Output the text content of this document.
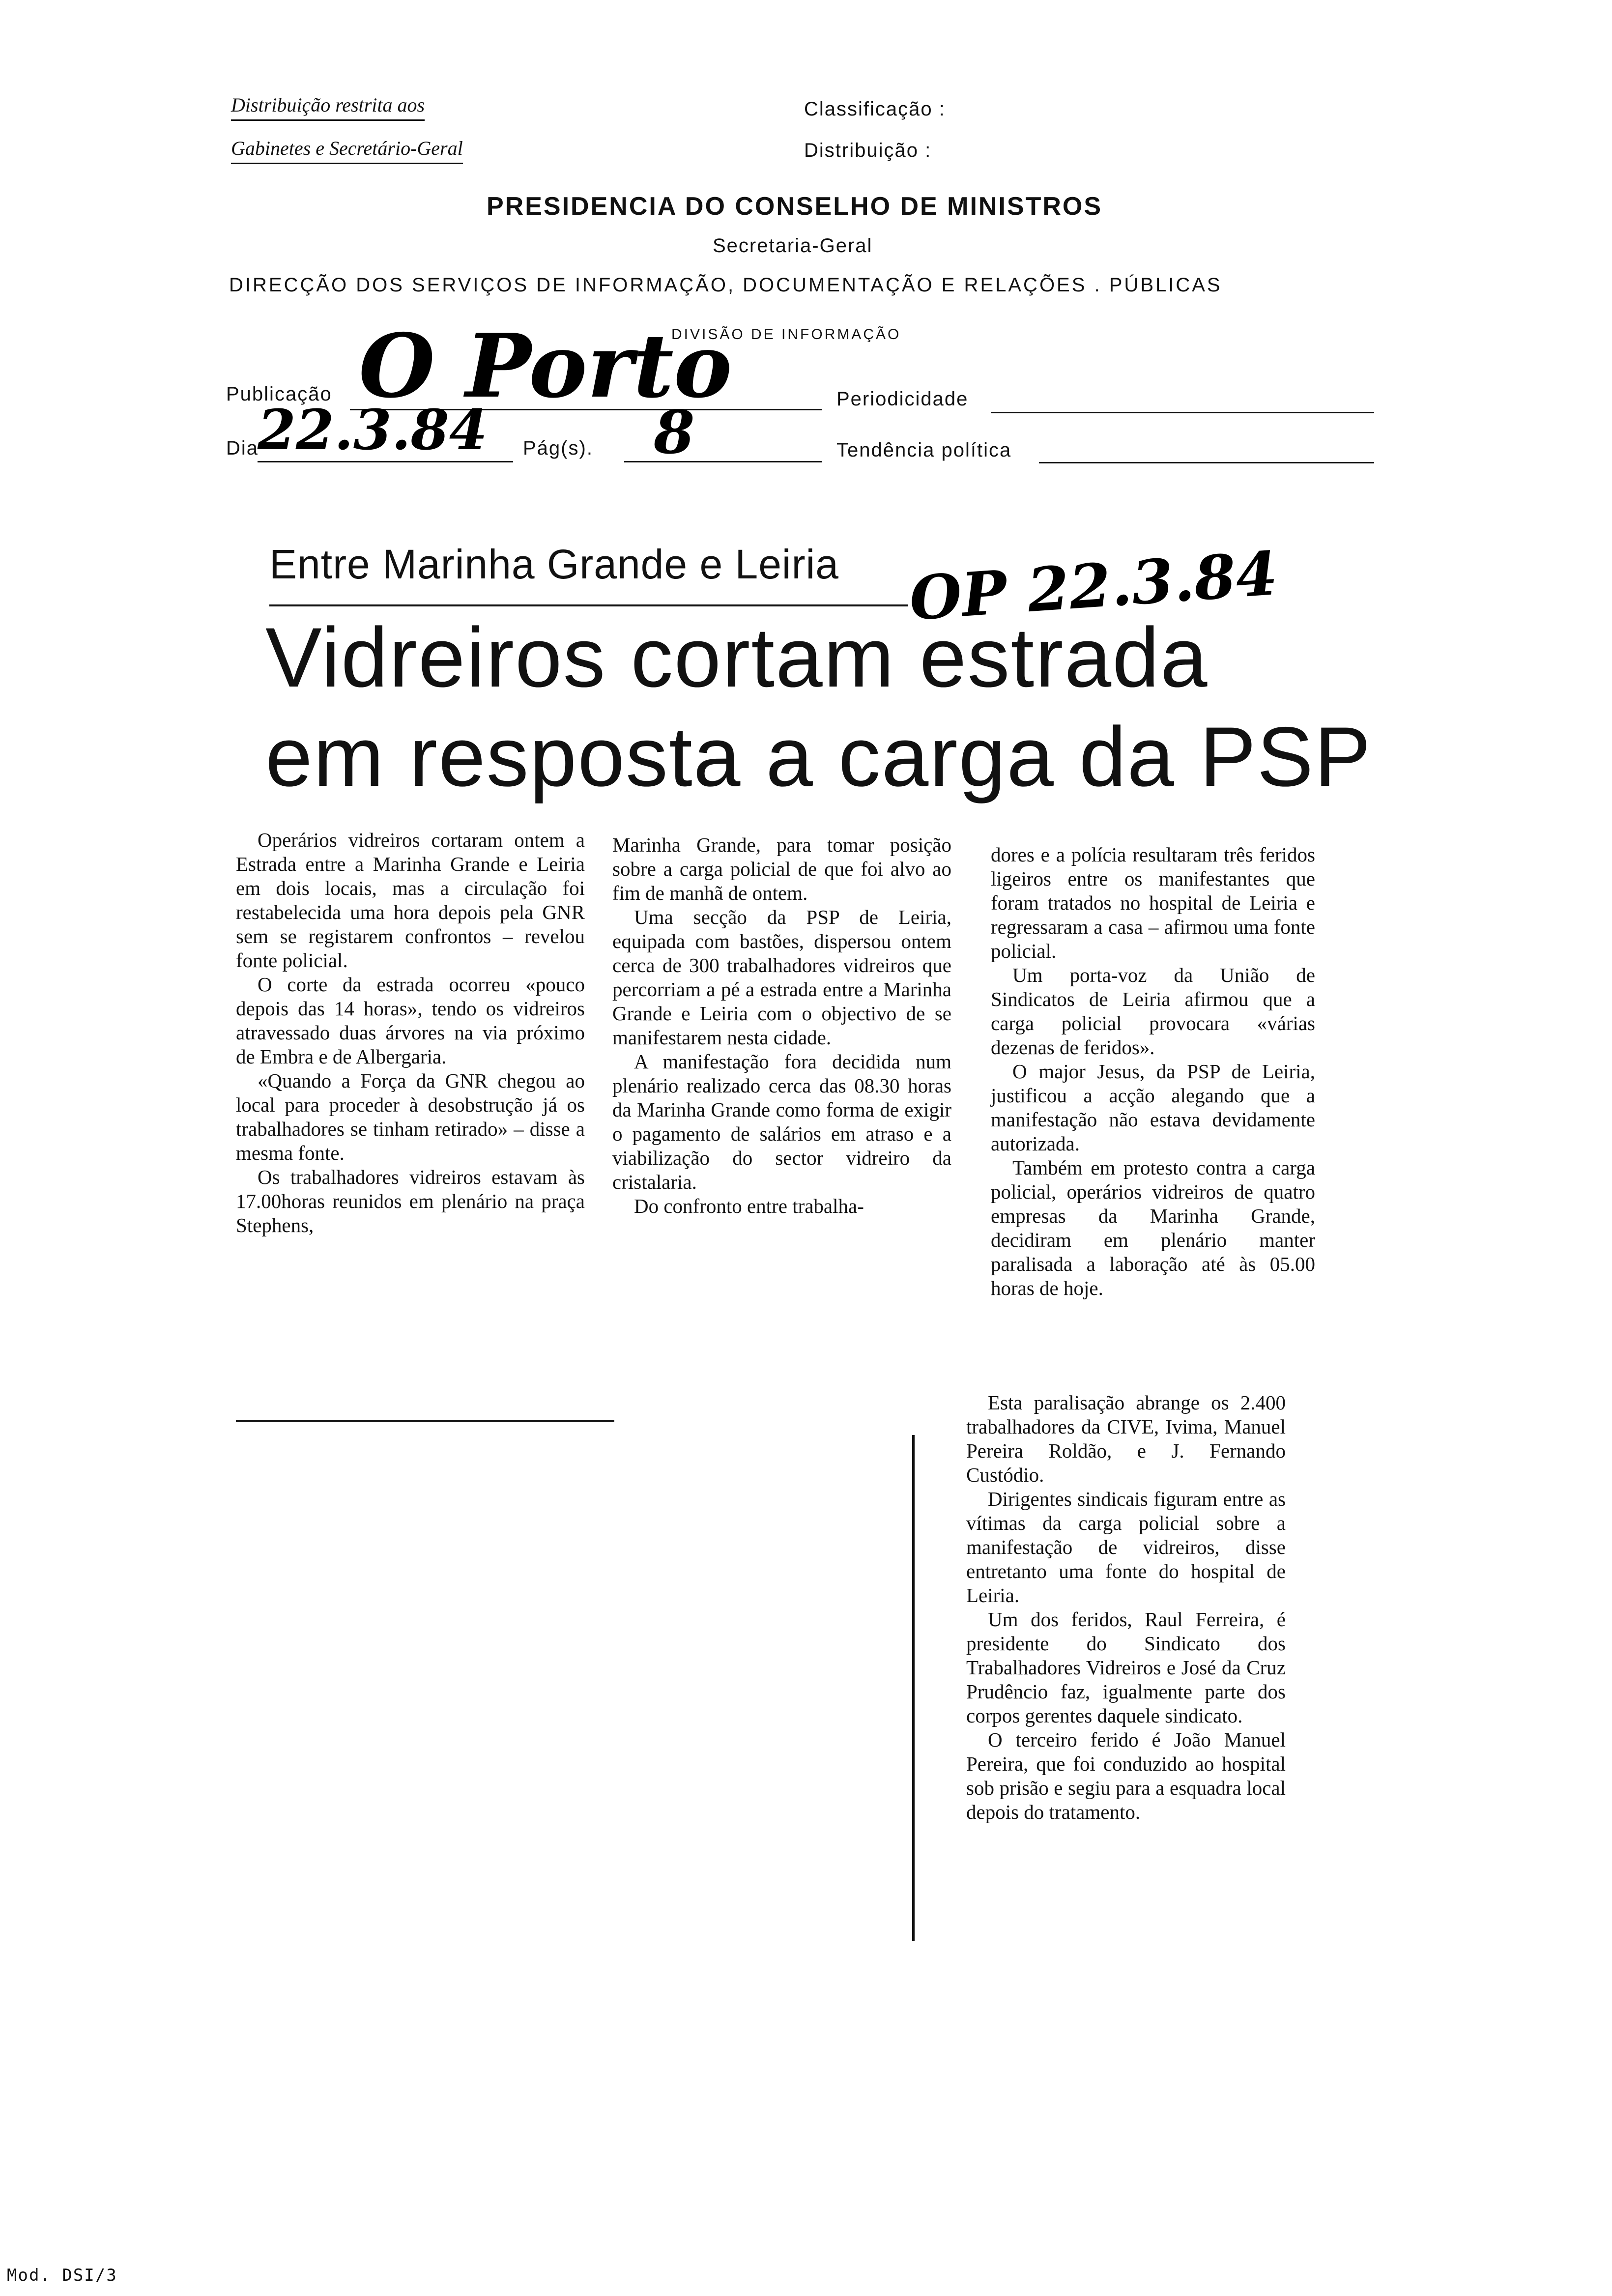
Distribuição restrita aos
Gabinetes e Secretário-Geral
Classificação :
Distribuição :
PRESIDENCIA DO CONSELHO DE MINISTROS
Secretaria-Geral
DIRECÇÃO DOS SERVIÇOS DE INFORMAÇÃO, DOCUMENTAÇÃO E RELAÇÕES . PÚBLICAS
DIVISÃO DE INFORMAÇÃO
Publicação O Porto	Periodicidade
Dia
22.3.84 Pág(s). 8	Tendência política
Entre Marinha Grande e Leiria OP 22.3.84
Vidreiros cortam estrada
em resposta a carga da PSP

Operários vidreiros cortaram ontem a Estrada entre a Marinha Grande e Leiria em dois locais, mas a circulação foi restabelecida uma hora depois pela GNR sem se registarem confrontos – revelou fonte policial.

O corte da estrada ocorreu «pouco depois das 14 horas», tendo os vidreiros atravessado duas árvores na via próximo de Embra e de Albergaria.

«Quando a Força da GNR chegou ao local para proceder à desobstrução já os trabalhadores se tinham retirado» – disse a mesma fonte.

Os trabalhadores vidreiros estavam às 17.00horas reunidos em plenário na praça Stephens,

Marinha Grande, para tomar posição sobre a carga policial de que foi alvo ao fim de manhã de ontem.

Uma secção da PSP de Leiria, equipada com bastões, dispersou ontem cerca de 300 trabalhadores vidreiros que percorriam a pé a estrada entre a Marinha Grande e Leiria com o objectivo de se manifestarem nesta cidade.

A manifestação fora decidida num plenário realizado cerca das 08.30 horas da Marinha Grande como forma de exigir o pagamento de salários em atraso e a viabilização do sector vidreiro da cristalaria.

Do confronto entre trabalha-

dores e a polícia resultaram três feridos ligeiros entre os manifestantes que foram tratados no hospital de Leiria e regressaram a casa – afirmou uma fonte policial.

Um porta-voz da União de Sindicatos de Leiria afirmou que a carga policial provocara «várias dezenas de feridos».

O major Jesus, da PSP de Leiria, justificou a acção alegando que a manifestação não estava devidamente autorizada.

Também em protesto contra a carga policial, operários vidreiros de quatro empresas da Marinha Grande, decidiram em plenário manter paralisada a laboração até às 05.00 horas de hoje.

Esta paralisação abrange os 2.400 trabalhadores da CIVE, Ivima, Manuel Pereira Roldão, e J. Fernando Custódio.

Dirigentes sindicais figuram entre as vítimas da carga policial sobre a manifestação de vidreiros, disse entretanto uma fonte do hospital de Leiria.

Um dos feridos, Raul Ferreira, é presidente do Sindicato dos Trabalhadores Vidreiros e José da Cruz Prudêncio faz, igualmente parte dos corpos gerentes daquele sindicato.

O terceiro ferido é João Manuel Pereira, que foi conduzido ao hospital sob prisão e segiu para a esquadra local depois do tratamento.

Mod. DSI/3
